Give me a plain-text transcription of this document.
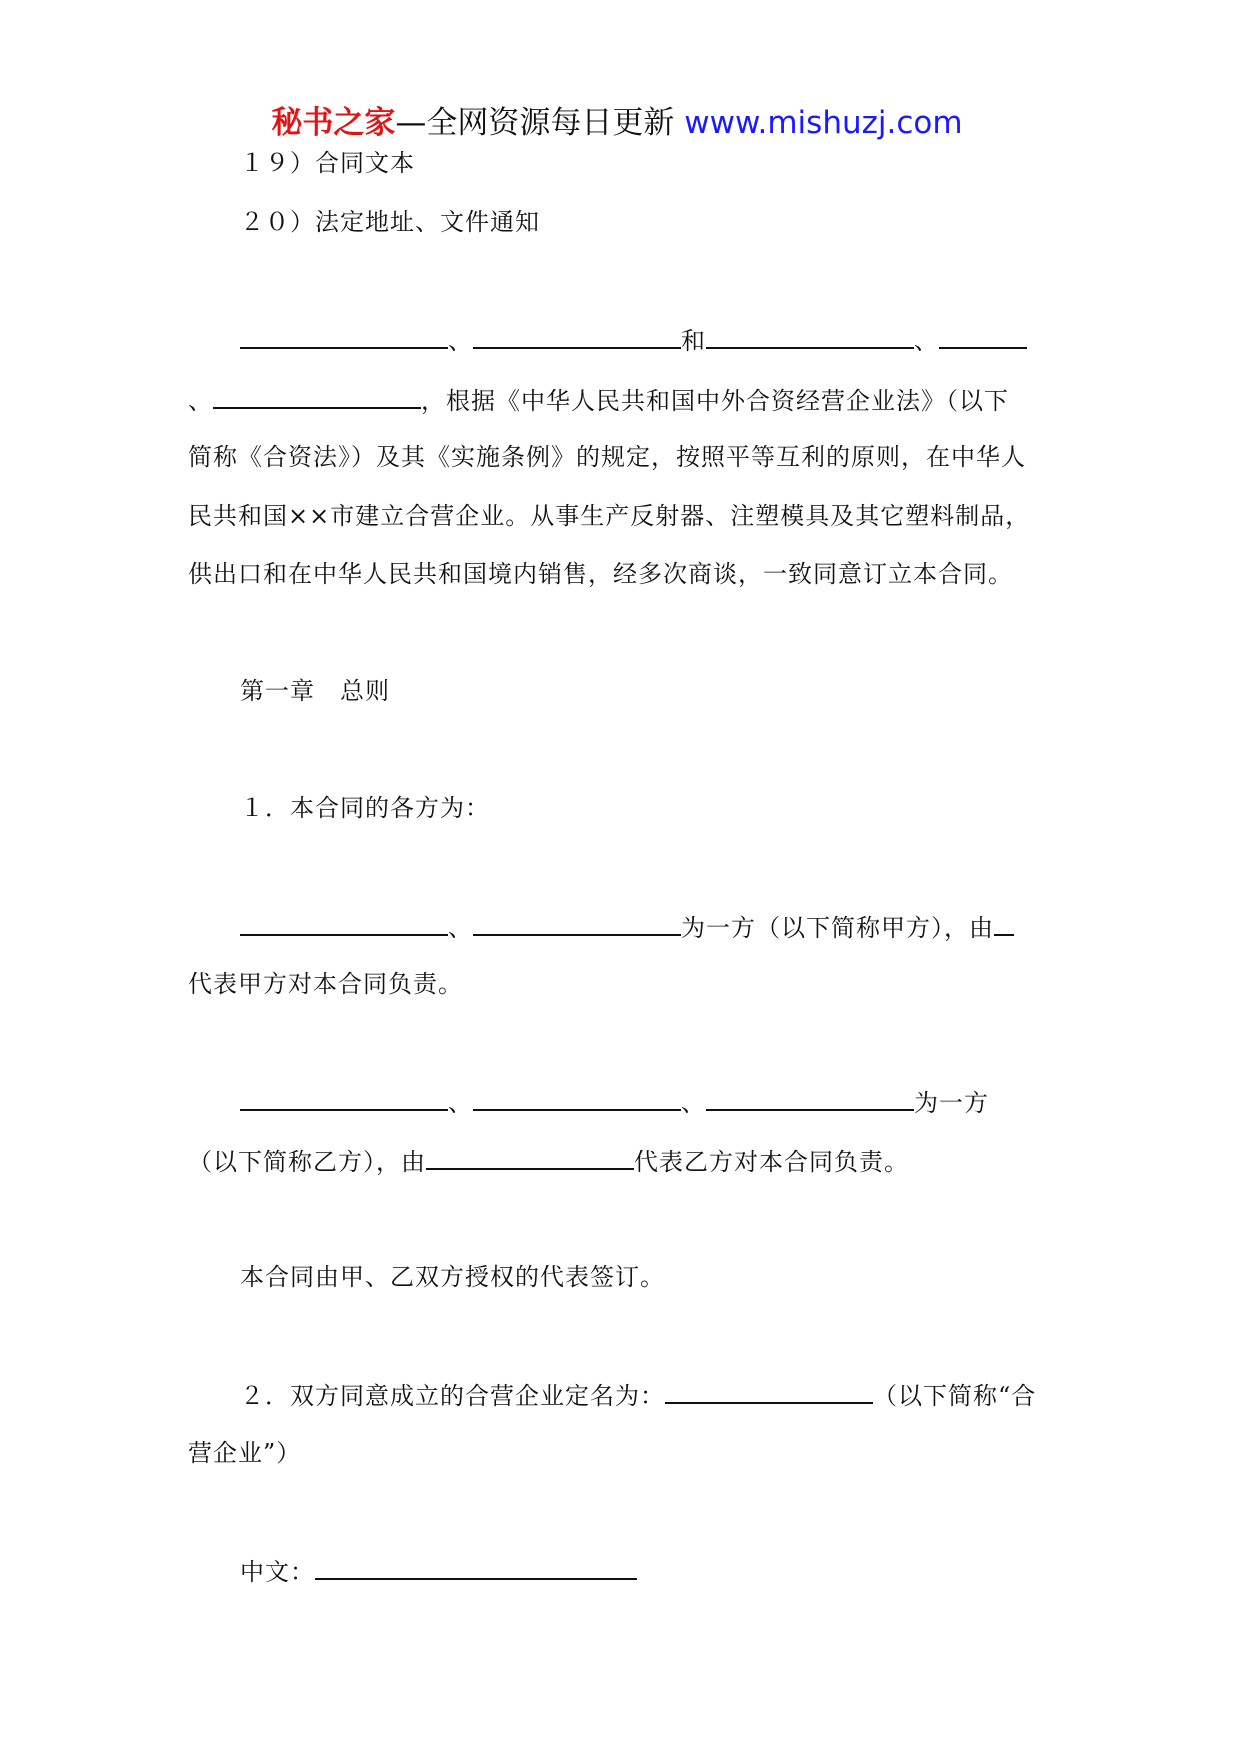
秘书之家—全网资源每日更新 www.mishuzj.com
１９）合同文本
２０）法定地址、文件通知
、	和	、
、	，根据《中华人民共和国中外合资经营企业法》（以下
简称《合资法》）及其《实施条例》的规定，按照平等互利的原则，在中华人
民共和国××市建立合营企业。从事生产反射器、注塑模具及其它塑料制品，
供出口和在中华人民共和国境内销售，经多次商谈，一致同意订立本合同。
第一章　总则
１．本合同的各方为：
、	为一方（以下简称甲方），由
代表甲方对本合同负责。
、	、	为一方
（以下简称乙方），由	代表乙方对本合同负责。
本合同由甲、乙双方授权的代表签订。
２．双方同意成立的合营企业定名为：	（以下简称“合
营企业”）
中文：
